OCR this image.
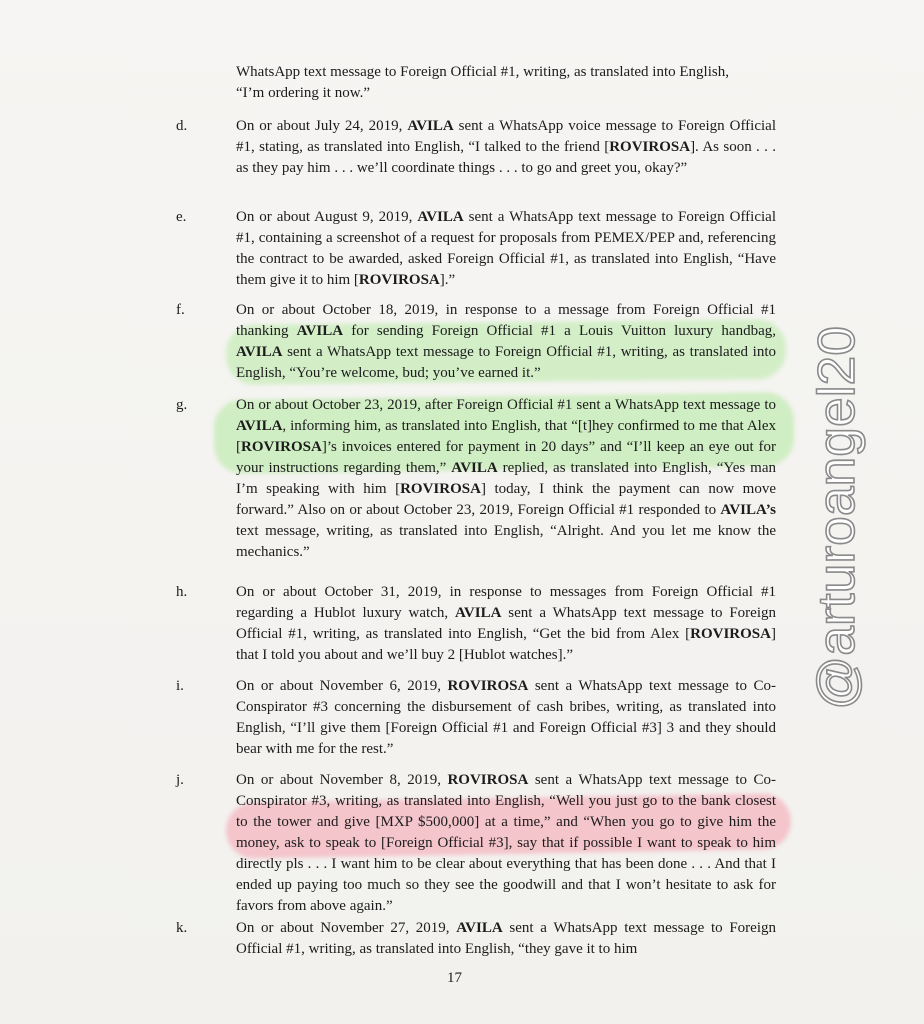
WhatsApp text message to Foreign Official #1, writing, as translated into English,
“I’m ordering it now.”
d.	On or about July 24, 2019, AVILA sent a WhatsApp voice message to Foreign Official #1, stating, as translated into English, “I talked to the friend [ROVIROSA]. As soon . . . as they pay him . . . we’ll coordinate things . . . to go and greet you, okay?”
e.	On or about August 9, 2019, AVILA sent a WhatsApp text message to Foreign Official #1, containing a screenshot of a request for proposals from PEMEX/PEP and, referencing the contract to be awarded, asked Foreign Official #1, as translated into English, “Have them give it to him [ROVIROSA].”
f.	On or about October 18, 2019, in response to a message from Foreign Official #1 thanking AVILA for sending Foreign Official #1 a Louis Vuitton luxury handbag, AVILA sent a WhatsApp text message to Foreign Official #1, writing, as translated into English, “You’re welcome, bud; you’ve earned it.”
g.	On or about October 23, 2019, after Foreign Official #1 sent a WhatsApp text message to AVILA, informing him, as translated into English, that “[t]hey confirmed to me that Alex [ROVIROSA]’s invoices entered for payment in 20 days” and “I’ll keep an eye out for your instructions regarding them,” AVILA replied, as translated into English, “Yes man I’m speaking with him [ROVIROSA] today, I think the payment can now move forward.” Also on or about October 23, 2019, Foreign Official #1 responded to AVILA’s text message, writing, as translated into English, “Alright. And you let me know the mechanics.”
h.	On or about October 31, 2019, in response to messages from Foreign Official #1 regarding a Hublot luxury watch, AVILA sent a WhatsApp text message to Foreign Official #1, writing, as translated into English, “Get the bid from Alex [ROVIROSA] that I told you about and we’ll buy 2 [Hublot watches].”
i.	On or about November 6, 2019, ROVIROSA sent a WhatsApp text message to Co-Conspirator #3 concerning the disbursement of cash bribes, writing, as translated into English, “I’ll give them [Foreign Official #1 and Foreign Official #3] 3 and they should bear with me for the rest.”
j.	On or about November 8, 2019, ROVIROSA sent a WhatsApp text message to Co-Conspirator #3, writing, as translated into English, “Well you just go to the bank closest to the tower and give [MXP $500,000] at a time,” and “When you go to give him the money, ask to speak to [Foreign Official #3], say that if possible I want to speak to him directly pls . . . I want him to be clear about everything that has been done . . . And that I ended up paying too much so they see the goodwill and that I won’t hesitate to ask for favors from above again.”
k.	On or about November 27, 2019, AVILA sent a WhatsApp text message to Foreign Official #1, writing, as translated into English, “they gave it to him
17
@arturoangel20
